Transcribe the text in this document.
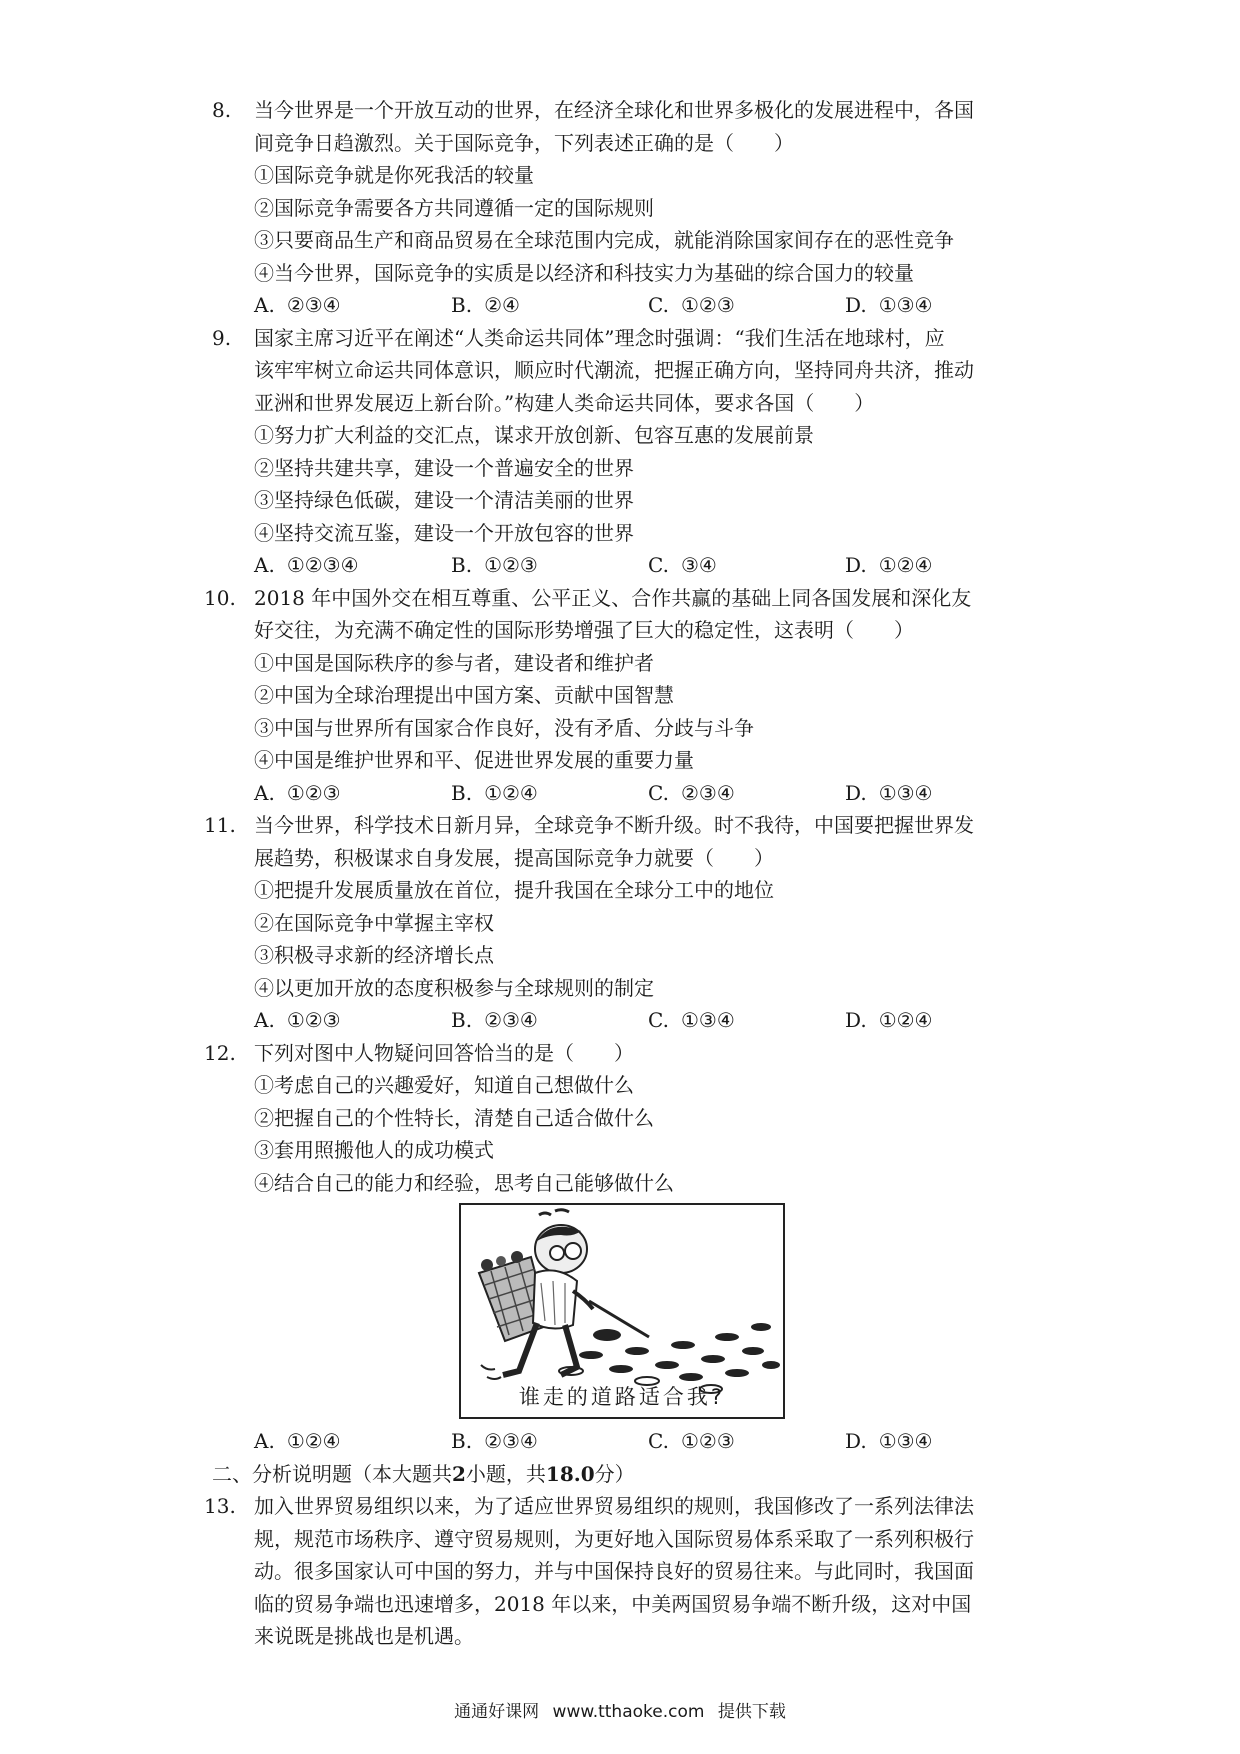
8. 当今世界是一个开放互动的世界，在经济全球化和世界多极化的发展进程中，各国
间竞争日趋激烈。关于国际竞争，下列表述正确的是（　　）
①国际竞争就是你死我活的较量
②国际竞争需要各方共同遵循一定的国际规则
③只要商品生产和商品贸易在全球范围内完成，就能消除国家间存在的恶性竞争
④当今世界，国际竞争的实质是以经济和科技实力为基础的综合国力的较量
A. ②③④	B. ②④	C. ①②③	D. ①③④
9. 国家主席习近平在阐述“人类命运共同体”理念时强调：“我们生活在地球村，应
该牢牢树立命运共同体意识，顺应时代潮流，把握正确方向，坚持同舟共济，推动
亚洲和世界发展迈上新台阶。”构建人类命运共同体，要求各国（　　）
①努力扩大利益的交汇点，谋求开放创新、包容互惠的发展前景
②坚持共建共享，建设一个普遍安全的世界
③坚持绿色低碳，建设一个清洁美丽的世界
④坚持交流互鉴，建设一个开放包容的世界
A. ①②③④	B. ①②③	C. ③④	D. ①②④
10. 2018 年中国外交在相互尊重、公平正义、合作共赢的基础上同各国发展和深化友
好交往，为充满不确定性的国际形势增强了巨大的稳定性，这表明（　　）
①中国是国际秩序的参与者，建设者和维护者
②中国为全球治理提出中国方案、贡献中国智慧
③中国与世界所有国家合作良好，没有矛盾、分歧与斗争
④中国是维护世界和平、促进世界发展的重要力量
A. ①②③	B. ①②④	C. ②③④	D. ①③④
11. 当今世界，科学技术日新月异，全球竞争不断升级。时不我待，中国要把握世界发
展趋势，积极谋求自身发展，提高国际竞争力就要（　　）
①把提升发展质量放在首位，提升我国在全球分工中的地位
②在国际竞争中掌握主宰权
③积极寻求新的经济增长点
④以更加开放的态度积极参与全球规则的制定
A. ①②③	B. ②③④	C. ①③④	D. ①②④
12. 下列对图中人物疑问回答恰当的是（　　）
①考虑自己的兴趣爱好，知道自己想做什么
②把握自己的个性特长，清楚自己适合做什么
③套用照搬他人的成功模式
④结合自己的能力和经验，思考自己能够做什么
谁走的道路适合我?
A. ①②④	B. ②③④	C. ①②③	D. ①③④
二、分析说明题（本大题共2小题，共18.0分）
13. 加入世界贸易组织以来，为了适应世界贸易组织的规则，我国修改了一系列法律法
规，规范市场秩序、遵守贸易规则，为更好地入国际贸易体系采取了一系列积极行
动。很多国家认可中国的努力，并与中国保持良好的贸易往来。与此同时，我国面
临的贸易争端也迅速增多，2018 年以来，中美两国贸易争端不断升级，这对中国
来说既是挑战也是机遇。
通通好课网 www.tthaoke.com 提供下载
